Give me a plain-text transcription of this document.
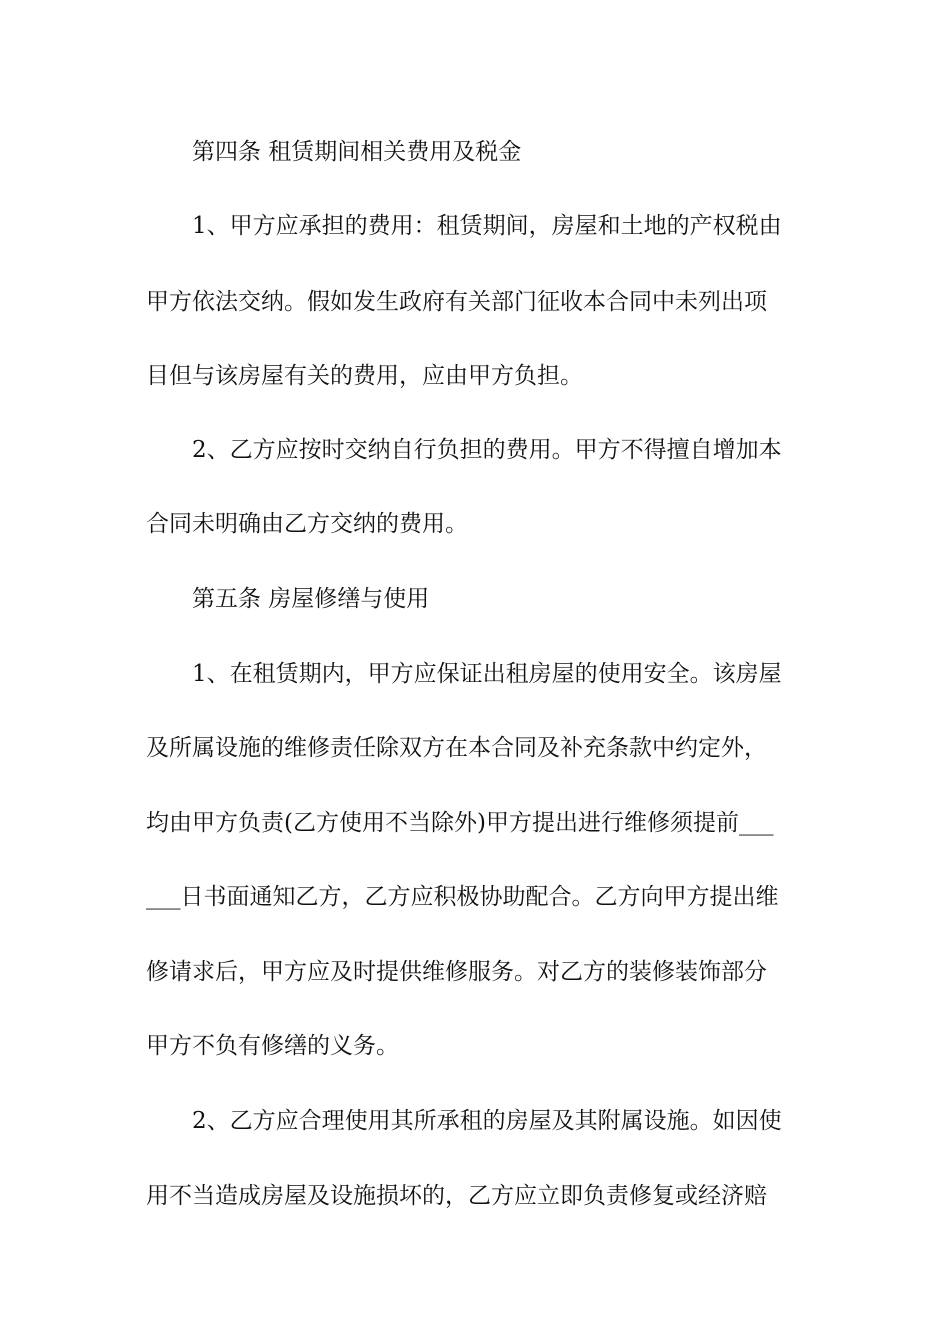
第四条 租赁期间相关费用及税金
1、甲方应承担的费用：租赁期间，房屋和土地的产权税由
甲方依法交纳。假如发生政府有关部门征收本合同中未列出项
目但与该房屋有关的费用，应由甲方负担。
2、乙方应按时交纳自行负担的费用。甲方不得擅自增加本
合同未明确由乙方交纳的费用。
第五条 房屋修缮与使用
1、在租赁期内，甲方应保证出租房屋的使用安全。该房屋
及所属设施的维修责任除双方在本合同及补充条款中约定外，
均由甲方负责(乙方使用不当除外)甲方提出进行维修须提前___
___日书面通知乙方，乙方应积极协助配合。乙方向甲方提出维
修请求后，甲方应及时提供维修服务。对乙方的装修装饰部分
甲方不负有修缮的义务。
2、乙方应合理使用其所承租的房屋及其附属设施。如因使
用不当造成房屋及设施损坏的，乙方应立即负责修复或经济赔
